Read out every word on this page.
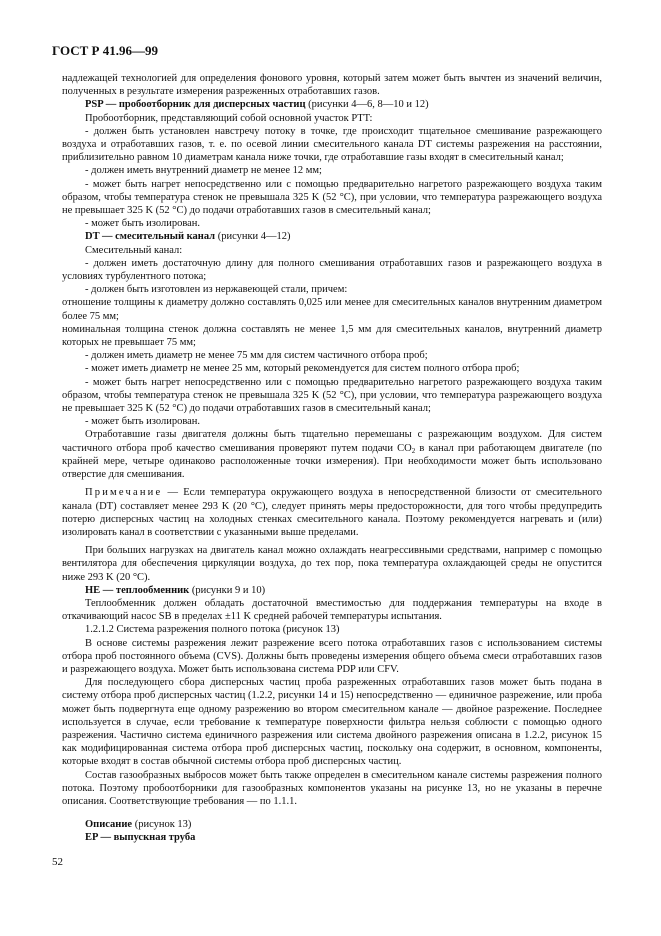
ГОСТ Р 41.96—99

надлежащей технологией для определения фонового уровня, который затем может быть вычтен из значений величин, полученных в результате измерения разреженных отработавших газов.

PSP — пробоотборник для дисперсных частиц (рисунки 4—6, 8—10 и 12)

Пробоотборник, представляющий собой основной участок PTT:

- должен быть установлен навстречу потоку в точке, где происходит тщательное смешивание разрежающего воздуха и отработавших газов, т. е. по осевой линии смесительного канала DT системы разрежения на расстоянии, приблизительно равном 10 диаметрам канала ниже точки, где отработавшие газы входят в смесительный канал;

- должен иметь внутренний диаметр не менее 12 мм;

- может быть нагрет непосредственно или с помощью предварительно нагретого разрежающего воздуха таким образом, чтобы температура стенок не превышала 325 K (52 °C), при условии, что температура разрежающего воздуха не превышает 325 K (52 °C) до подачи отработавших газов в смесительный канал;

- может быть изолирован.

DT — смесительный канал (рисунки 4—12)

Смесительный канал:

- должен иметь достаточную длину для полного смешивания отработавших газов и разрежающего воздуха в условиях турбулентного потока;

- должен быть изготовлен из нержавеющей стали, причем:

отношение толщины к диаметру должно составлять 0,025 или менее для смесительных каналов внутренним диаметром более 75 мм;

номинальная толщина стенок должна составлять не менее 1,5 мм для смесительных каналов, внутренний диаметр которых не превышает 75 мм;

- должен иметь диаметр не менее 75 мм для систем частичного отбора проб;

- может иметь диаметр не менее 25 мм, который рекомендуется для систем полного отбора проб;

- может быть нагрет непосредственно или с помощью предварительно нагретого разрежающего воздуха таким образом, чтобы температура стенок не превышала 325 K (52 °C), при условии, что температура разрежающего воздуха не превышает 325 K (52 °C) до подачи отработавших газов в смесительный канал;

- может быть изолирован.

Отработавшие газы двигателя должны быть тщательно перемешаны с разрежающим воздухом. Для систем частичного отбора проб качество смешивания проверяют путем подачи $CO_2$ в канал при работающем двигателе (по крайней мере, четыре одинаково расположенные точки измерения). При необходимости может быть использовано отверстие для смешивания.

Примечание — Если температура окружающего воздуха в непосредственной близости от смесительного канала (DT) составляет менее 293 K (20 °C), следует принять меры предосторожности, для того чтобы предупредить потерю дисперсных частиц на холодных стенках смесительного канала. Поэтому рекомендуется нагревать и (или) изолировать канал в соответствии с указанными выше пределами.

При больших нагрузках на двигатель канал можно охлаждать неагрессивными средствами, например с помощью вентилятора для обеспечения циркуляции воздуха, до тех пор, пока температура охлаждающей среды не опустится ниже 293 K (20 °C).

HE — теплообменник (рисунки 9 и 10)

Теплообменник должен обладать достаточной вместимостью для поддержания температуры на входе в откачивающий насос SB в пределах ±11 K средней рабочей температуры испытания.

1.2.1.2 Система разрежения полного потока (рисунок 13)

В основе системы разрежения лежит разрежение всего потока отработавших газов с использованием системы отбора проб постоянного объема (CVS). Должны быть проведены измерения общего объема смеси отработавших газов и разрежающего воздуха. Может быть использована система PDP или CFV.

Для последующего сбора дисперсных частиц проба разреженных отработавших газов может быть подана в систему отбора проб дисперсных частиц (1.2.2, рисунки 14 и 15) непосредственно — единичное разрежение, или проба может быть подвергнута еще одному разрежению во втором смесительном канале — двойное разрежение. Последнее используется в случае, если требование к температуре поверхности фильтра нельзя соблюсти с помощью одного разрежения. Частично система единичного разрежения или система двойного разрежения описана в 1.2.2, рисунок 15 как модифицированная система отбора проб дисперсных частиц, поскольку она содержит, в основном, компоненты, которые входят в состав обычной системы отбора проб дисперсных частиц.

Состав газообразных выбросов может быть также определен в смесительном канале системы разрежения полного потока. Поэтому пробоотборники для газообразных компонентов указаны на рисунке 13, но не указаны в перечне описания. Соответствующие требования — по 1.1.1.

Описание (рисунок 13)

EP — выпускная труба

52
